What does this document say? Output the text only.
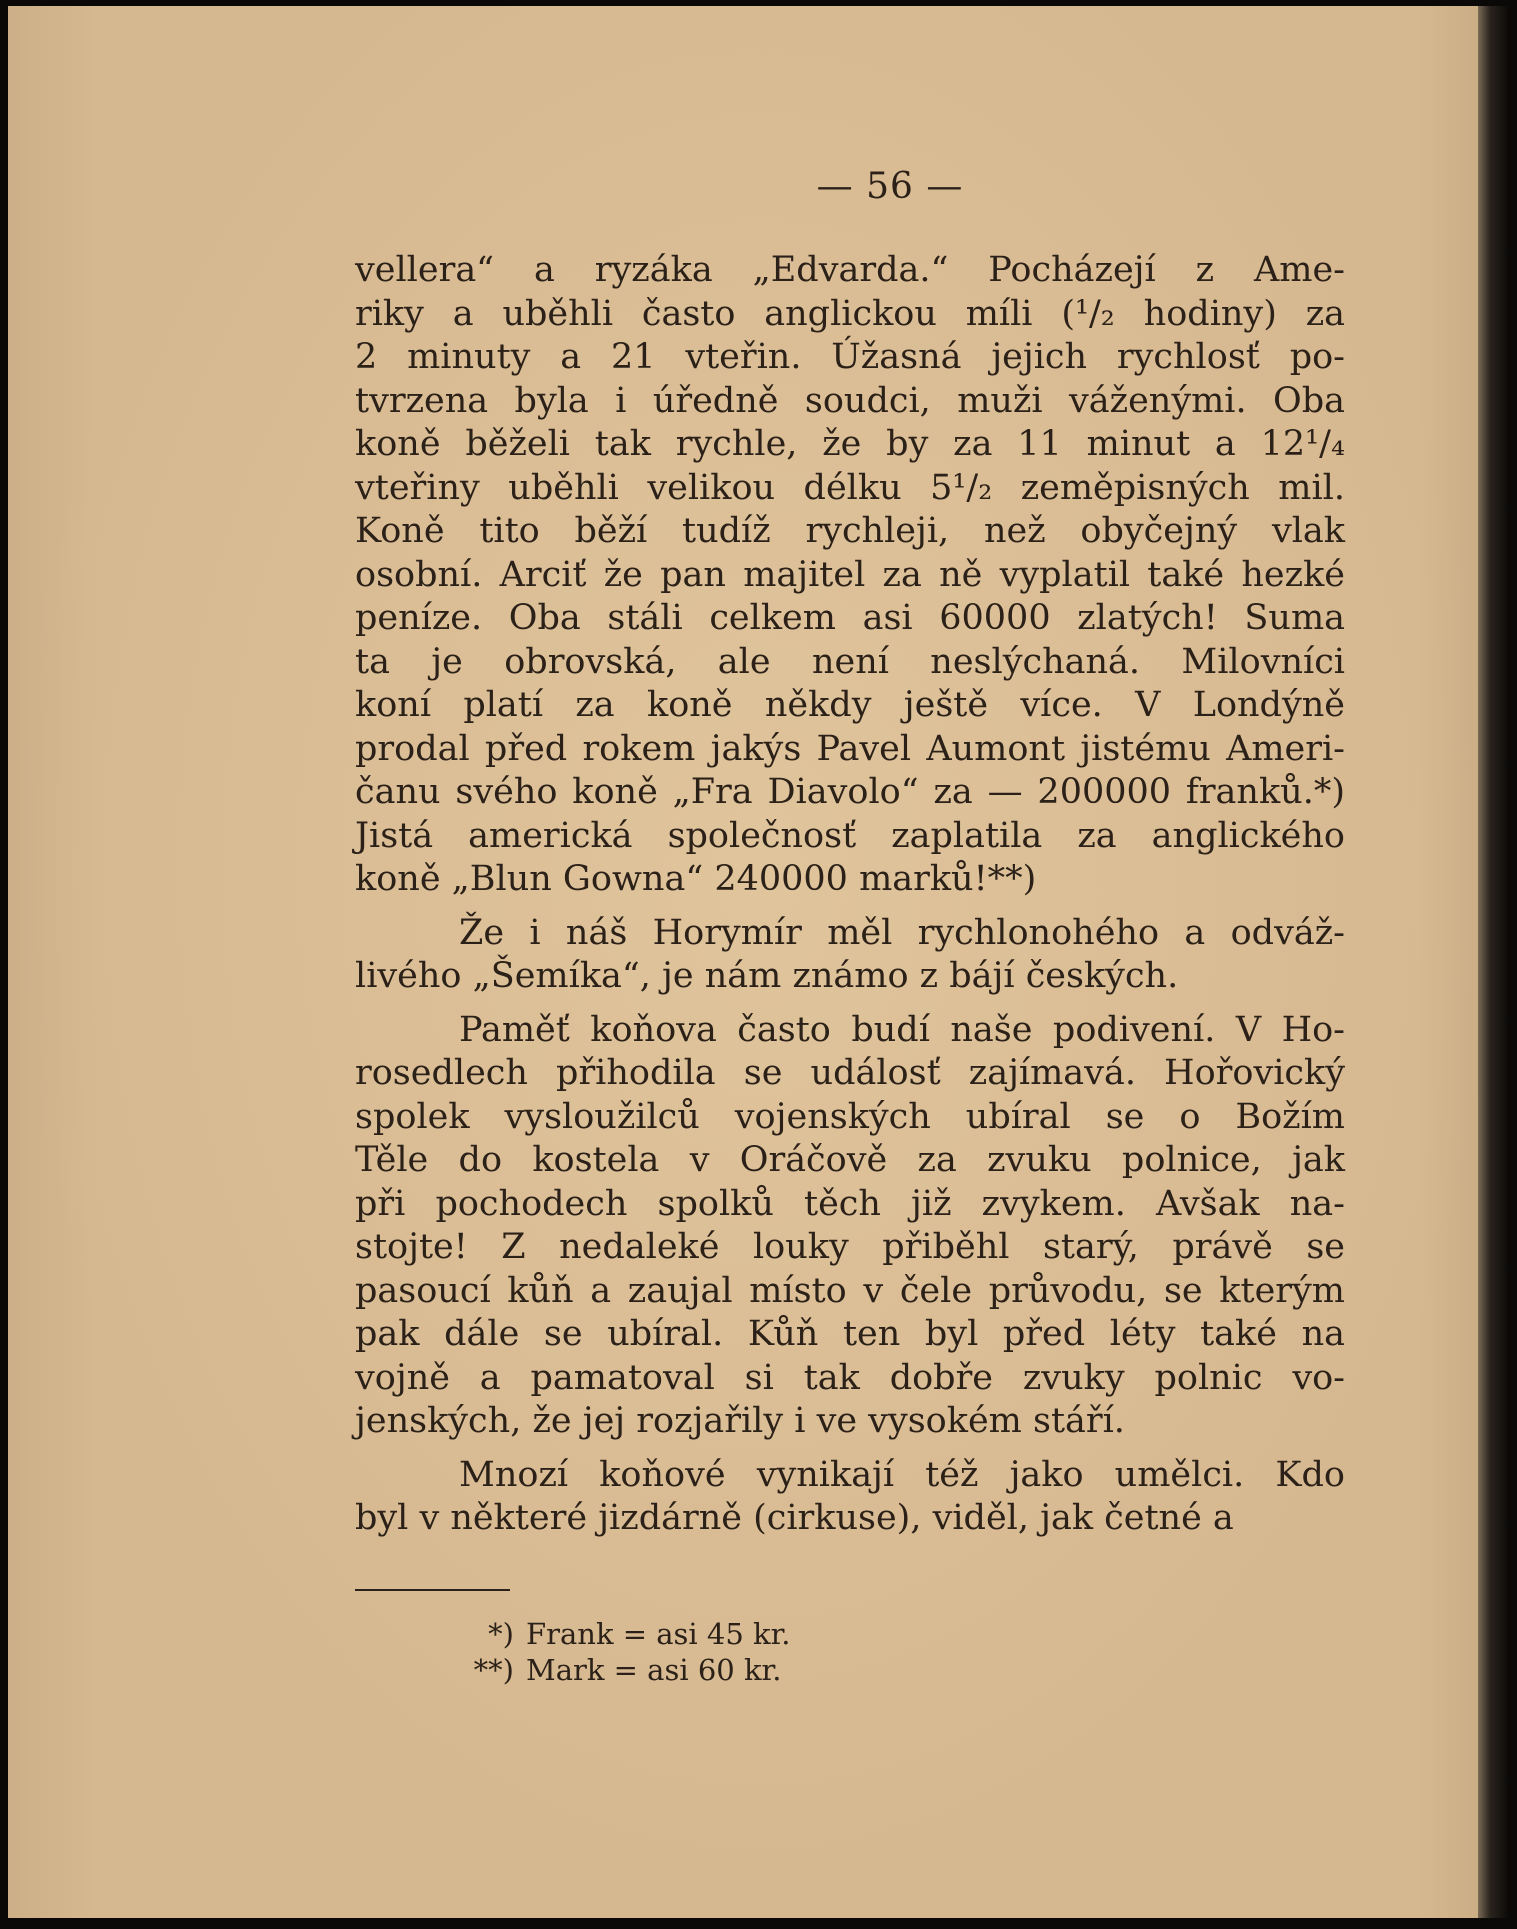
— 56 —

vellera“ a ryzáka „Edvarda.“ Pocházejí z Ame-
riky a uběhli často anglickou míli (¹/₂ hodiny) za
2 minuty a 21 vteřin. Úžasná jejich rychlosť po-
tvrzena byla i úředně soudci, muži váženými. Oba
koně běželi tak rychle, že by za 11 minut a 12¹/₄
vteřiny uběhli velikou délku 5¹/₂ zeměpisných mil.
Koně tito běží tudíž rychleji, než obyčejný vlak
osobní. Arciť že pan majitel za ně vyplatil také hezké
peníze. Oba stáli celkem asi 60000 zlatých! Suma
ta je obrovská, ale není neslýchaná. Milovníci
koní platí za koně někdy ještě více. V Londýně
prodal před rokem jakýs Pavel Aumont jistému Ameri-
čanu svého koně „Fra Diavolo“ za — 200000 franků.*)
Jistá americká společnosť zaplatila za anglického
koně „Blun Gowna“ 240000 marků!**)

Že i náš Horymír měl rychlonohého a odváž-
livého „Šemíka“, je nám známo z bájí českých.

Paměť koňova často budí naše podivení. V Ho-
rosedlech přihodila se událosť zajímavá. Hořovický
spolek vysloužilců vojenských ubíral se o Božím
Těle do kostela v Oráčově za zvuku polnice, jak
při pochodech spolků těch již zvykem. Avšak na-
stojte! Z nedaleké louky přiběhl starý, právě se
pasoucí kůň a zaujal místo v čele průvodu, se kterým
pak dále se ubíral. Kůň ten byl před léty také na
vojně a pamatoval si tak dobře zvuky polnic vo-
jenských, že jej rozjařily i ve vysokém stáří.

Mnozí koňové vynikají též jako umělci. Kdo
byl v některé jizdárně (cirkuse), viděl, jak četné a

*) Frank = asi 45 kr.
**) Mark = asi 60 kr.
